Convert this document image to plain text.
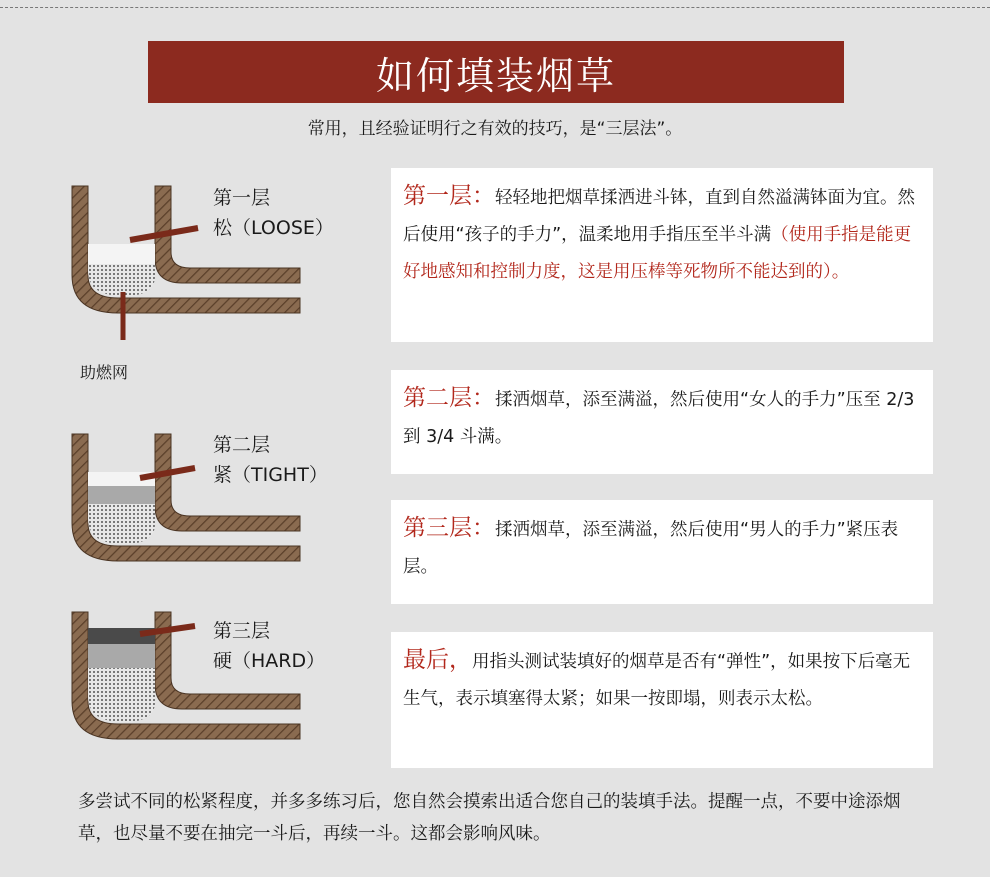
如何填装烟草
常用，且经验证明行之有效的技巧，是“三层法”。
第一层
松（LOOSE）
助燃网
第二层
紧（TIGHT）
第三层
硬（HARD）
第一层：轻轻地把烟草揉洒进斗钵，直到自然溢满钵面为宜。然后使用“孩子的手力”，温柔地用手指压至半斗满（使用手指是能更好地感知和控制力度，这是用压棒等死物所不能达到的）。
第二层：揉洒烟草，添至满溢，然后使用“女人的手力”压至 2/3 到 3/4 斗满。
第三层：揉洒烟草，添至满溢，然后使用“男人的手力”紧压表层。
最后，用指头测试装填好的烟草是否有“弹性”，如果按下后毫无生气，表示填塞得太紧；如果一按即塌，则表示太松。
多尝试不同的松紧程度，并多多练习后，您自然会摸索出适合您自己的装填手法。提醒一点，不要中途添烟草，也尽量不要在抽完一斗后，再续一斗。这都会影响风味。
